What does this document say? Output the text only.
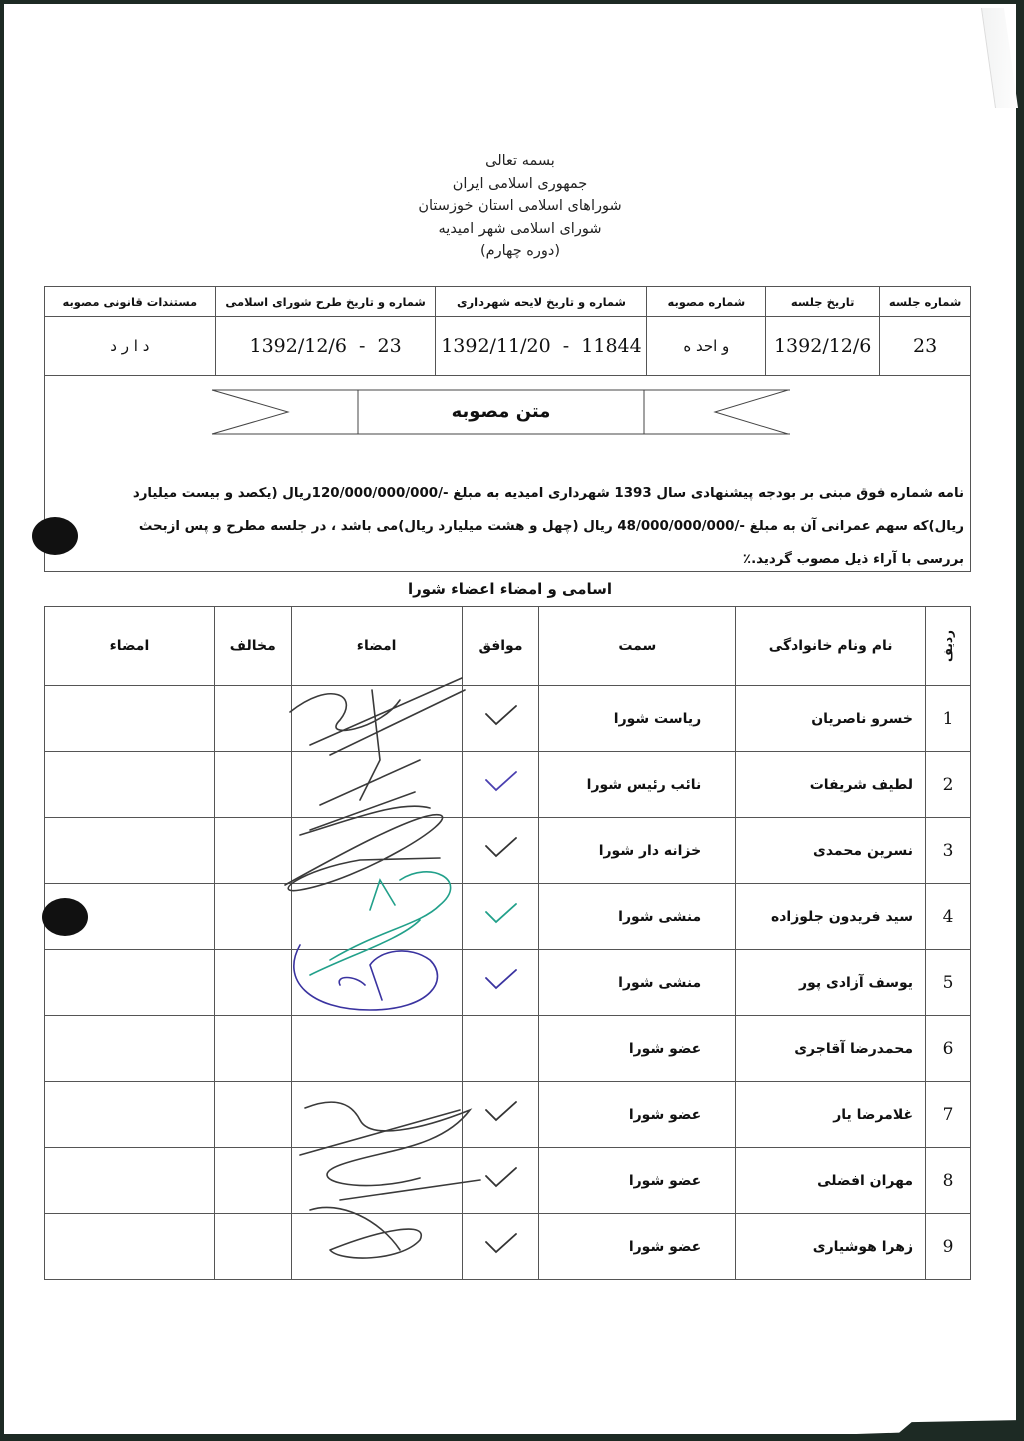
بسمه تعالی
جمهوری اسلامی ایران
شوراهای اسلامی استان خوزستان
شورای اسلامی شهر امیدیه
(دوره چهارم)
شماره جلسه	تاریخ جلسه	شماره مصوبه	شماره و تاریخ لایحه شهرداری	شماره و تاریخ طرح شورای اسلامی	مستندات قانونی مصوبه
23	1392/12/6	و احد ه	1392/11/20  -  11844	1392/12/6  -  23	د ا ر د
متن مصوبه
نامه شماره فوق مبنی بر بودجه پیشنهادی سال 1393 شهرداری امیدیه به مبلغ -/120/000/000/000ریال (یکصد و بیست میلیارد
ریال)که سهم عمرانی آن به مبلغ -/48/000/000/000 ریال (چهل و هشت میلیارد ریال)می باشد ، در جلسه مطرح و پس ازبحث
بررسی با آراء ذیل مصوب گردید.٪
اسامی و امضاء اعضاء شورا
ردیف	نام ونام خانوادگی	سمت	موافق	امضاء	مخالف	امضاء
1	خسرو ناصریان	ریاست شورا				
2	لطیف شریفات	نائب رئیس شورا				
3	نسرین محمدی	خزانه دار شورا				
4	سید فریدون جلوزاده	منشی شورا				
5	یوسف آزادی پور	منشی شورا				
6	محمدرضا آقاجری	عضو شورا				
7	غلامرضا یار	عضو شورا				
8	مهران افضلی	عضو شورا				
9	زهرا هوشیاری	عضو شورا				
